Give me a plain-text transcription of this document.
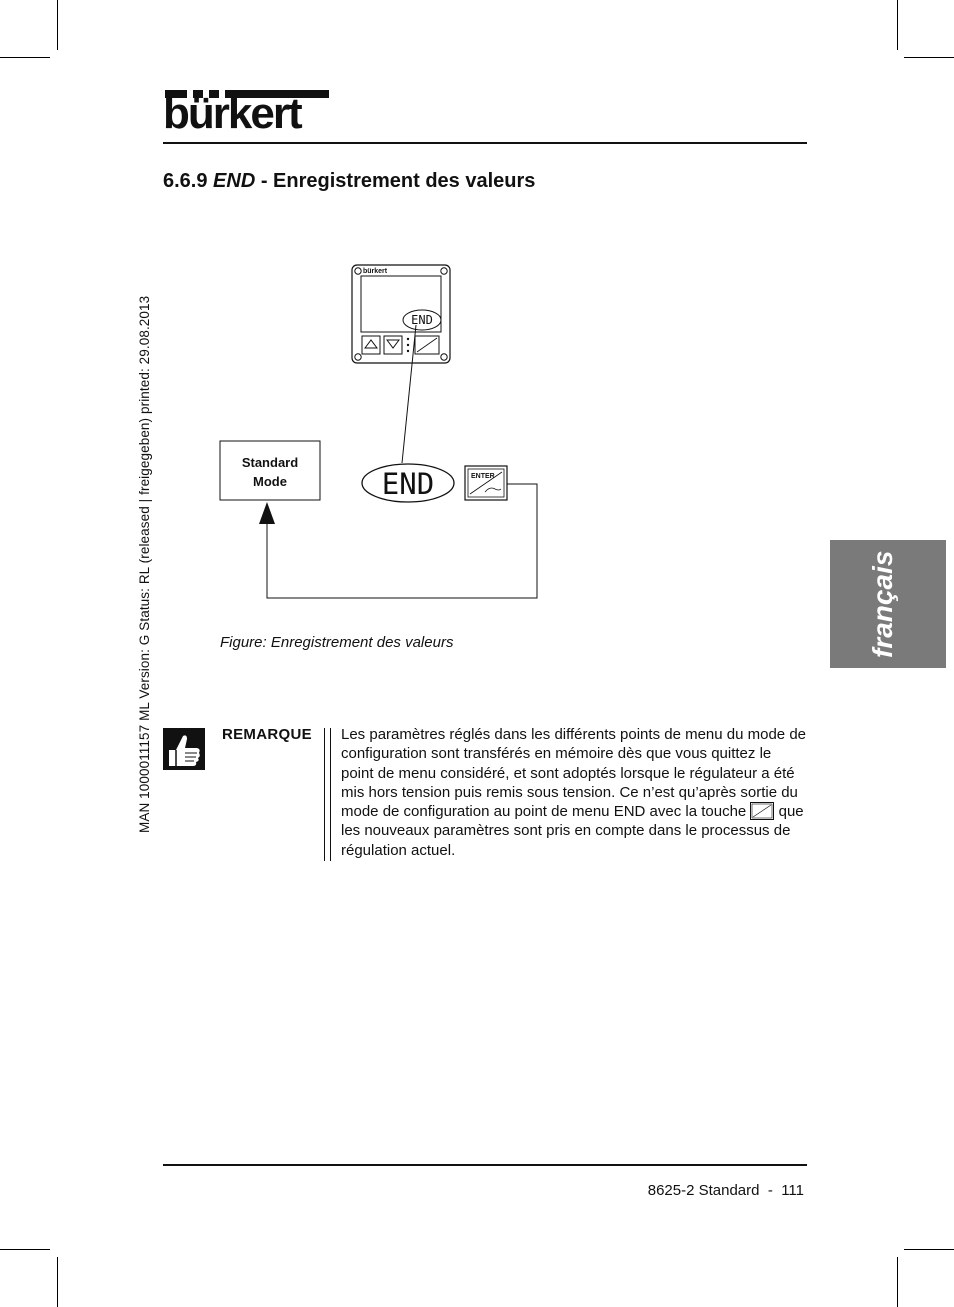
bürkert
6.6.9 END - Enregistrement des valeurs
MAN 1000011157 ML Version: G Status: RL (released | freigegeben) printed: 29.08.2013	français
bürkert
END
END	ENTER
Standard
Mode
Figure: Enregistrement des valeurs
REMARQUE Les paramètres réglés dans les différents points de menu du mode de configuration sont transférés en mémoire dès que vous quittez le point de menu considéré, et sont adoptés lorsque le régulateur a été mis hors tension puis remis sous tension. Ce n’est qu’après sortie du mode de configuration au point de menu END avec la touche que les nouveaux paramètres sont pris en compte dans le processus de régulation actuel.
8625-2 Standard - 111
